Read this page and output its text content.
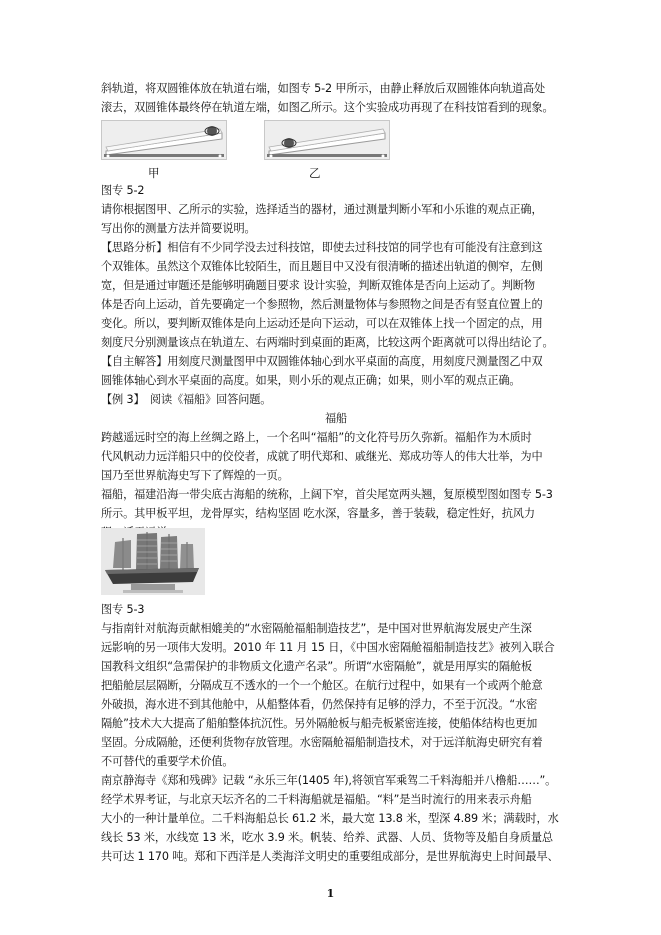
斜轨道，将双圆锥体放在轨道右端，如图专 5-2 甲所示，由静止释放后双圆锥体向轨道高处
滚去，双圆锥体最终停在轨道左端，如图乙所示。这个实验成功再现了在科技馆看到的现象。
甲	乙
图专 5-2
请你根据图甲、乙所示的实验，选择适当的器材，通过测量判断小军和小乐谁的观点正确，
写出你的测量方法并简要说明。
【思路分析】相信有不少同学没去过科技馆，即使去过科技馆的同学也有可能没有注意到这
个双锥体。虽然这个双锥体比较陌生，而且题目中又没有很清晰的描述出轨道的侧窄，左侧
宽，但是通过审题还是能够明确题目要求 设计实验，判断双锥体是否向上运动了。判断物
体是否向上运动，首先要确定一个参照物，然后测量物体与参照物之间是否有竖直位置上的
变化。所以，要判断双锥体是向上运动还是向下运动，可以在双锥体上找一个固定的点，用
刻度尺分别测量该点在轨道左、右两端时到桌面的距离，比较这两个距离就可以得出结论了。
【自主解答】用刻度尺测量图甲中双圆锥体轴心到水平桌面的高度，用刻度尺测量图乙中双
圆锥体轴心到水平桌面的高度。如果，则小乐的观点正确；如果，则小军的观点正确。
【例 3】　阅读《福船》回答问题。
福船
跨越遥远时空的海上丝绸之路上，一个名叫“福船”的文化符号历久弥新。福船作为木质时
代风帆动力远洋船只中的佼佼者，成就了明代郑和、戚继光、郑成功等人的伟大壮举，为中
国乃至世界航海史写下了辉煌的一页。
福船，福建沿海一带尖底古海船的统称，上阔下窄，首尖尾宽两头翘，复原模型图如图专 5-3
所示。其甲板平坦，龙骨厚实，结构坚固 吃水深，容量多，善于装载，稳定性好，抗风力
图专 5-3
与指南针对航海贡献相媲美的“水密隔舱福船制造技艺”，是中国对世界航海发展史产生深
远影响的另一项伟大发明。2010 年 11 月 15 日，《中国水密隔舱福船制造技艺》被列入联合
国教科文组织“急需保护的非物质文化遗产名录”。所谓“水密隔舱”，就是用厚实的隔舱板
把船舱层层隔断，分隔成互不透水的一个一个舱区。在航行过程中，如果有一个或两个舱意
外破损，海水进不到其他舱中，从船整体看，仍然保持有足够的浮力，不至于沉没。“水密
隔舱”技术大大提高了船舶整体抗沉性。另外隔舱板与船壳板紧密连接，使船体结构也更加
坚固。分成隔舱，还便利货物存放管理。水密隔舱福船制造技术，对于远洋航海史研究有着
不可替代的重要学术价值。
南京静海寺《郑和残碑》记载 “永乐三年(1405 年),将领官军乘驾二千料海船并八橹船……”。
经学术界考证，与北京天坛齐名的二千料海船就是福船。“料”是当时流行的用来表示舟船
大小的一种计量单位。二千料海船总长 61.2 米，最大宽 13.8 米，型深 4.89 米；满载时，水
线长 53 米，水线宽 13 米，吃水 3.9 米。帆装、给养、武器、人员、货物等及船自身质量总
共可达 1 170 吨。郑和下西洋是人类海洋文明史的重要组成部分，是世界航海史上时间最早、
1
